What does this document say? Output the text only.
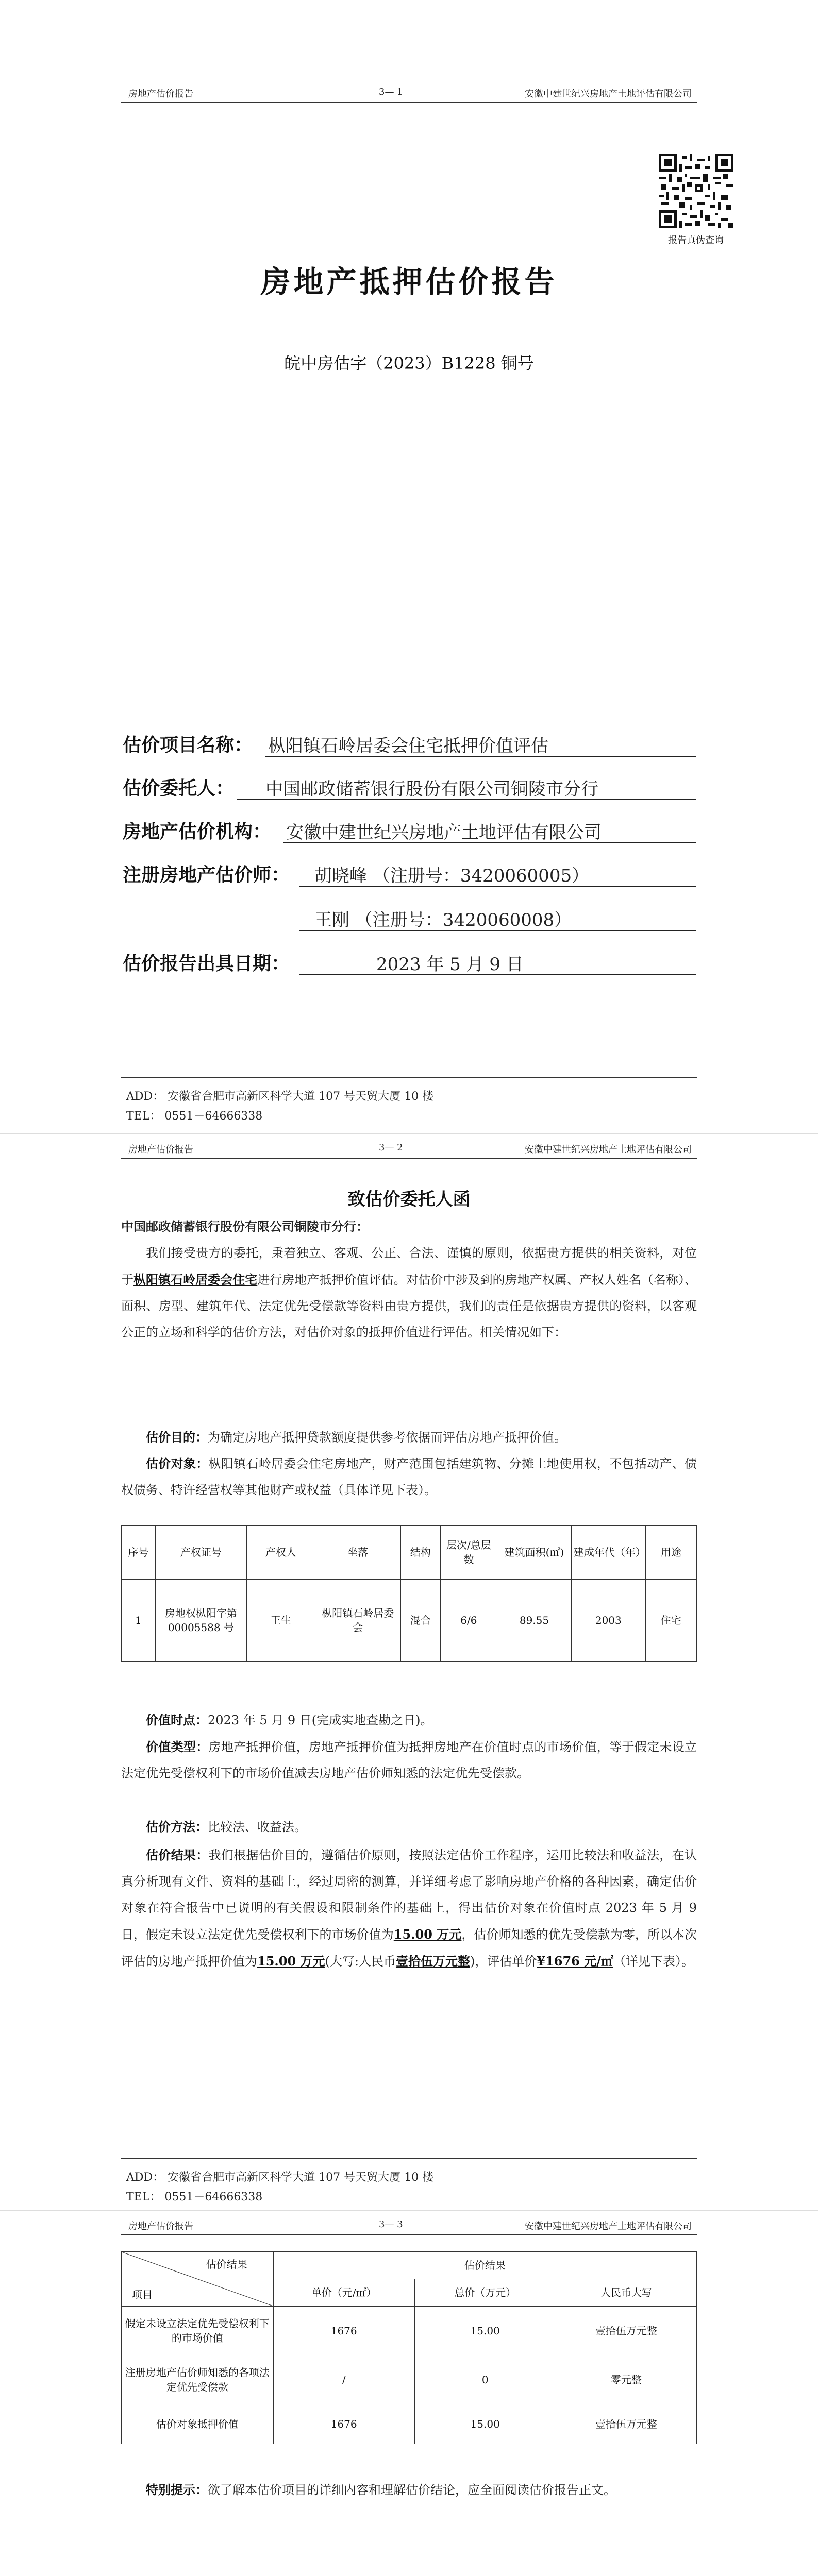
房地产估价报告	3— 1	安徽中建世纪兴房地产土地评估有限公司
报告真伪查询
房地产抵押估价报告
皖中房估字（2023）B1228 铜号
估价项目名称： 枞阳镇石岭居委会住宅抵押价值评估
估价委托人： 中国邮政储蓄银行股份有限公司铜陵市分行
房地产估价机构： 安徽中建世纪兴房地产土地评估有限公司
注册房地产估价师： 胡晓峰 （注册号：3420060005）
王刚 （注册号：3420060008）
估价报告出具日期：	2023 年 5 月 9 日
ADD： 安徽省合肥市高新区科学大道 107 号天贸大厦 10 楼
TEL： 0551－64666338
房地产估价报告	3— 2	安徽中建世纪兴房地产土地评估有限公司
致估价委托人函
中国邮政储蓄银行股份有限公司铜陵市分行：
我们接受贵方的委托，秉着独立、客观、公正、合法、谨慎的原则，依据贵方提供的相关资料，对位于枞阳镇石岭居委会住宅进行房地产抵押价值评估。对估价中涉及到的房地产权属、产权人姓名（名称）、面积、房型、建筑年代、法定优先受偿款等资料由贵方提供，我们的责任是依据贵方提供的资料，以客观公正的立场和科学的估价方法，对估价对象的抵押价值进行评估。相关情况如下：
估价目的：为确定房地产抵押贷款额度提供参考依据而评估房地产抵押价值。
估价对象：枞阳镇石岭居委会住宅房地产，财产范围包括建筑物、分摊土地使用权，不包括动产、债权债务、特许经营权等其他财产或权益（具体详见下表）。
价值时点：2023 年 5 月 9 日(完成实地查勘之日)。
价值类型：房地产抵押价值，房地产抵押价值为抵押房地产在价值时点的市场价值，等于假定未设立法定优先受偿权利下的市场价值减去房地产估价师知悉的法定优先受偿款。
估价方法：比较法、收益法。
估价结果：我们根据估价目的，遵循估价原则，按照法定估价工作程序，运用比较法和收益法，在认真分析现有文件、资料的基础上，经过周密的测算，并详细考虑了影响房地产价格的各种因素，确定估价对象在符合报告中已说明的有关假设和限制条件的基础上，得出估价对象在价值时点 2023 年 5 月 9 日，假定未设立法定优先受偿权利下的市场价值为15.00 万元，估价师知悉的优先受偿款为零，所以本次评估的房地产抵押价值为15.00 万元(大写:人民币壹拾伍万元整)，评估单价¥1676 元/㎡（详见下表）。
ADD： 安徽省合肥市高新区科学大道 107 号天贸大厦 10 楼
TEL： 0551－64666338
序号	产权证号	产权人	坐落	结构	层次/总层数	建筑面积(㎡)	建成年代（年）	用途
1	房地权枞阳字第 00005588 号	王生	枞阳镇石岭居委会	混合	6/6	89.55	2003	住宅
房地产估价报告	3— 3	安徽中建世纪兴房地产土地评估有限公司
特别提示：欲了解本估价项目的详细内容和理解估价结论，应全面阅读估价报告正文。
估价结果
项目	估价结果		
	单价（元/㎡）	总价（万元）	人民币大写
假定未设立法定优先受偿权利下的市场价值	1676	15.00	壹拾伍万元整
注册房地产估价师知悉的各项法定优先受偿款	/	0	零元整
估价对象抵押价值	1676	15.00	壹拾伍万元整
